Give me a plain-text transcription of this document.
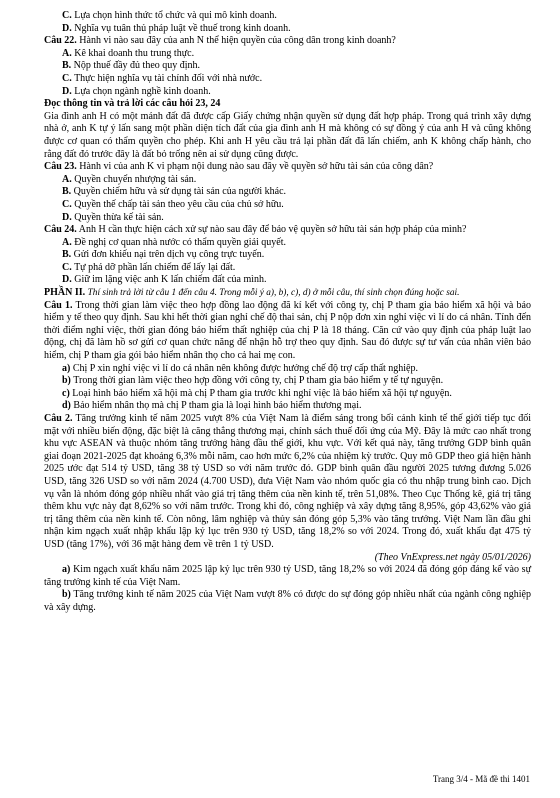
C. Lựa chọn hình thức tổ chức và qui mô kinh doanh.
D. Nghĩa vụ tuân thủ pháp luật về thuế trong kinh doanh.
Câu 22. Hành vi nào sau đây của anh N thể hiện quyền của công dân trong kinh doanh?
A. Kê khai doanh thu trung thực.
B. Nộp thuế đầy đủ theo quy định.
C. Thực hiện nghĩa vụ tài chính đối với nhà nước.
D. Lựa chọn ngành nghề kinh doanh.
Đọc thông tin và trả lời các câu hỏi 23, 24
Gia đình anh H có một mảnh đất đã được cấp Giấy chứng nhận quyền sử dụng đất hợp pháp. Trong quá trình xây dựng nhà ở, anh K tự ý lấn sang một phần diện tích đất của gia đình anh H mà không có sự đồng ý của anh H và cũng không được cơ quan có thẩm quyền cho phép. Khi anh H yêu cầu trả lại phần đất đã lấn chiếm, anh K không chấp hành, cho rằng đất đó trước đây là đất bỏ trống nên ai sử dụng cũng được.
Câu 23. Hành vi của anh K vi phạm nội dung nào sau đây về quyền sở hữu tài sản của công dân?
A. Quyền chuyển nhượng tài sản.
B. Quyền chiếm hữu và sử dụng tài sản của người khác.
C. Quyền thế chấp tài sản theo yêu cầu của chủ sở hữu.
D. Quyền thừa kế tài sản.
Câu 24. Anh H cần thực hiện cách xử sự nào sau đây để bảo vệ quyền sở hữu tài sản hợp pháp của mình?
A. Đề nghị cơ quan nhà nước có thẩm quyền giải quyết.
B. Gửi đơn khiếu nại trên dịch vụ công trực tuyến.
C. Tự phá dỡ phần lấn chiếm để lấy lại đất.
D. Giữ im lặng việc anh K lấn chiếm đất của mình.
PHẦN II. Thí sinh trả lời từ câu 1 đến câu 4. Trong mỗi ý a), b), c), d) ở mỗi câu, thí sinh chọn đúng hoặc sai.
Câu 1. Trong thời gian làm việc theo hợp đồng lao động đã kí kết với công ty, chị P tham gia bảo hiểm xã hội và bảo hiểm y tế theo quy định. Sau khi hết thời gian nghỉ chế độ thai sản, chị P nộp đơn xin nghỉ việc vì lí do cá nhân. Tính đến thời điểm nghỉ việc, thời gian đóng bảo hiểm thất nghiệp của chị P là 18 tháng. Căn cứ vào quy định của pháp luật lao động, chị đã làm hồ sơ gửi cơ quan chức năng để nhận hỗ trợ theo quy định. Sau đó được sự tư vấn của nhân viên bảo hiểm, chị P tham gia gói bảo hiểm nhân thọ cho cả hai mẹ con.
a) Chị P xin nghỉ việc vì lí do cá nhân nên không được hưởng chế độ trợ cấp thất nghiệp.
b) Trong thời gian làm việc theo hợp đồng với công ty, chị P tham gia bảo hiểm y tế tự nguyện.
c) Loại hình bảo hiểm xã hội mà chị P tham gia trước khi nghỉ việc là bảo hiểm xã hội tự nguyện.
d) Bảo hiểm nhân thọ mà chị P tham gia là loại hình bảo hiểm thương mại.
Câu 2. Tăng trưởng kinh tế năm 2025 vượt 8% của Việt Nam là điểm sáng trong bối cảnh kinh tế thế giới tiếp tục đối mặt với nhiều biến động, đặc biệt là căng thẳng thương mại, chính sách thuế đối ứng của Mỹ. Đây là mức cao nhất trong khu vực ASEAN và thuộc nhóm tăng trưởng hàng đầu thế giới, khu vực. Với kết quả này, tăng trưởng GDP bình quân giai đoạn 2021-2025 đạt khoảng 6,3% mỗi năm, cao hơn mức 6,2% của nhiệm kỳ trước. Quy mô GDP theo giá hiện hành 2025 ước đạt 514 tỷ USD, tăng 38 tỷ USD so với năm trước đó. GDP bình quân đầu người 2025 tương đương 5.026 USD, tăng 326 USD so với năm 2024 (4.700 USD), đưa Việt Nam vào nhóm quốc gia có thu nhập trung bình cao. Dịch vụ vẫn là nhóm đóng góp nhiều nhất vào giá trị tăng thêm của nền kinh tế, trên 51,08%. Theo Cục Thống kê, giá trị tăng thêm khu vực này đạt 8,62% so với năm trước. Trong khi đó, công nghiệp và xây dựng tăng 8,95%, góp 43,62% vào giá trị tăng thêm của nền kinh tế. Còn nông, lâm nghiệp và thủy sản đóng góp 5,3% vào tăng trưởng. Việt Nam lần đầu ghi nhận kim ngạch xuất nhập khẩu lập kỷ lục trên 930 tỷ USD, tăng 18,2% so với 2024. Trong đó, xuất khẩu đạt 475 tỷ USD (tăng 17%), với 36 mặt hàng đem về trên 1 tỷ USD.
(Theo VnExpress.net ngày 05/01/2026)
a) Kim ngạch xuất khẩu năm 2025 lập kỷ lục trên 930 tỷ USD, tăng 18,2% so với 2024 đã đóng góp đáng kể vào sự tăng trưởng kinh tế của Việt Nam.
b) Tăng trưởng kinh tế năm 2025 của Việt Nam vượt 8% có được do sự đóng góp nhiều nhất của ngành công nghiệp và xây dựng.
Trang 3/4 - Mã đề thi 1401
